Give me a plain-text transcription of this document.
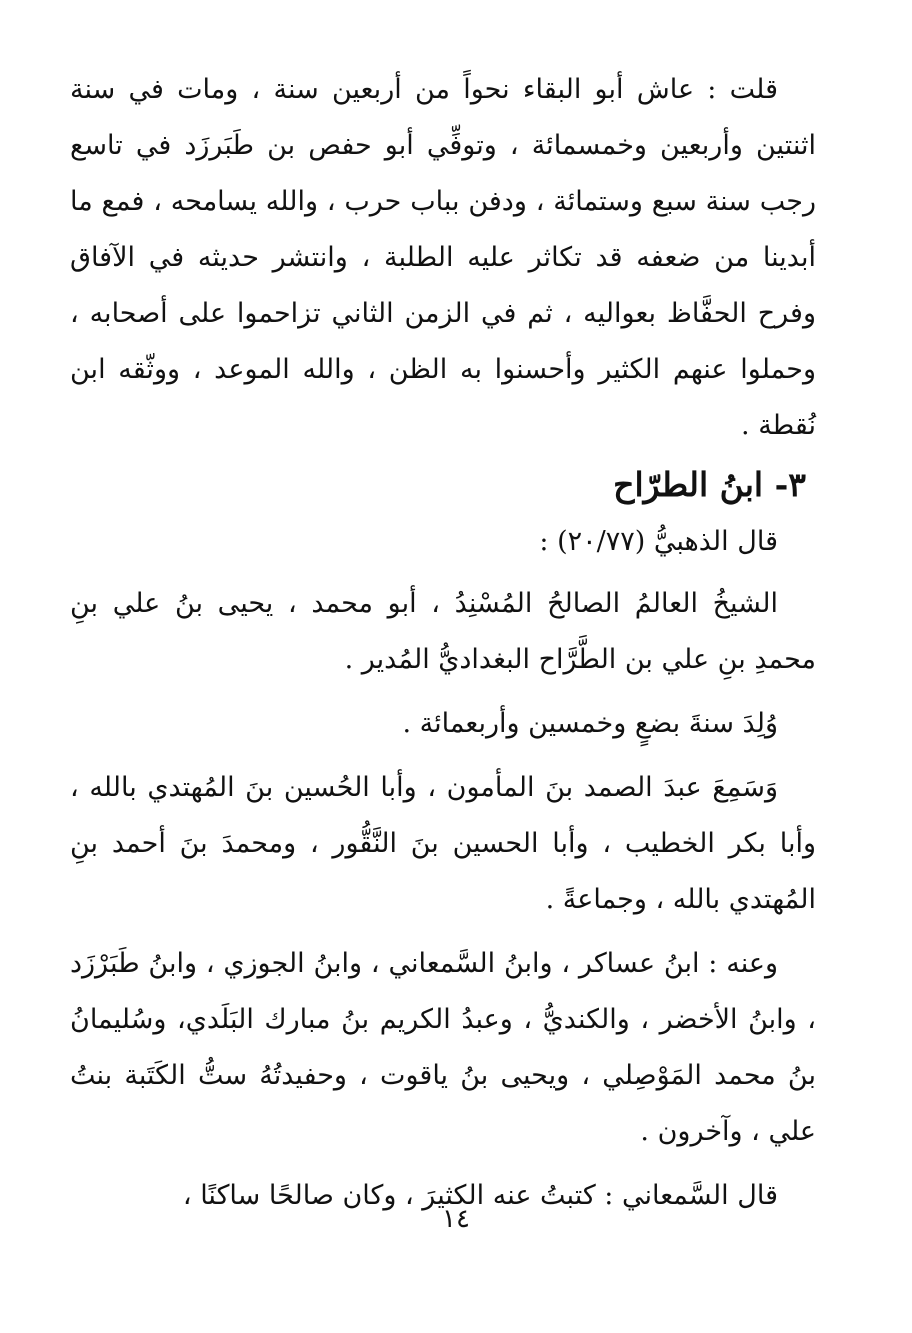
قلت : عاش أبو البقاء نحواً من أربعين سنة ، ومات في سنة اثنتين وأربعين وخمسمائة ، وتوفِّي أبو حفص بن طَبَرزَد في تاسع رجب سنة سبع وستمائة ، ودفن بباب حرب ، والله يسامحه ، فمع ما أبدينا من ضعفه قد تكاثر عليه الطلبة ، وانتشر حديثه في الآفاق وفرح الحفَّاظ بعواليه ، ثم في الزمن الثاني تزاحموا على أصحابه ، وحملوا عنهم الكثير وأحسنوا به الظن ، والله الموعد ، ووثّقه ابن نُقطة .

٣- ابنُ الطرّاح

قال الذهبيُّ (٢٠/٧٧) :

الشيخُ العالمُ الصالحُ المُسْنِدُ ، أبو محمد ، يحيى بنُ علي بنِ محمدِ بنِ علي بن الطَّرَّاح البغداديُّ المُدير .

وُلِدَ سنةَ بضعٍ وخمسين وأربعمائة .

وَسَمِعَ عبدَ الصمد بنَ المأمون ، وأبا الحُسين بنَ المُهتدي بالله ، وأبا بكر الخطيب ، وأبا الحسين بنَ النَّقُّور ، ومحمدَ بنَ أحمد بنِ المُهتدي بالله ، وجماعةً .

وعنه : ابنُ عساكر ، وابنُ السَّمعاني ، وابنُ الجوزي ، وابنُ طَبَرْزَد ، وابنُ الأخضر ، والكنديُّ ، وعبدُ الكريم بنُ مبارك البَلَدي، وسُليمانُ بنُ محمد المَوْصِلي ، ويحيى بنُ ياقوت ، وحفيدتُهُ ستُّ الكَتَبة بنتُ علي ، وآخرون .

قال السَّمعاني : كتبتُ عنه الكثيرَ ، وكان صالحًا ساكنًا ،

١٤
